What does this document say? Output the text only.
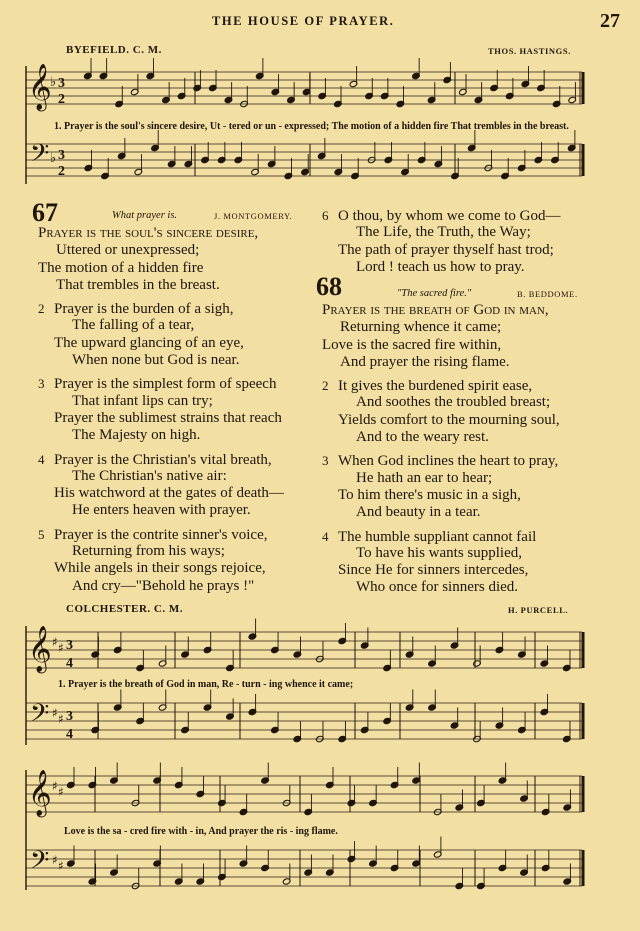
THE HOUSE OF PRAYER.	27
BYEFIELD. C. M.	THOS. HASTINGS.
𝄞
𝄢
♭
♭
3
2
3
2
1. Prayer is the soul's sincere desire, Ut - tered or un - expressed; The motion of a hidden fire That trembles in the breast.
67	What prayer is.	J. MONTGOMERY.
Prayer is the soul's sincere desire,
Uttered or unexpressed;
The motion of a hidden fire
That trembles in the breast.
2 Prayer is the burden of a sigh,
The falling of a tear,
The upward glancing of an eye,
When none but God is near.
3 Prayer is the simplest form of speech
That infant lips can try;
Prayer the sublimest strains that reach
The Majesty on high.
4 Prayer is the Christian's vital breath,
The Christian's native air:
His watchword at the gates of death—
He enters heaven with prayer.
5 Prayer is the contrite sinner's voice,
Returning from his ways;
While angels in their songs rejoice,
And cry—"Behold he prays !"
6 O thou, by whom we come to God—
The Life, the Truth, the Way;
The path of prayer thyself hast trod;
Lord ! teach us how to pray.
68	"The sacred fire."	B. BEDDOME.
Prayer is the breath of God in man,
Returning whence it came;
Love is the sacred fire within,
And prayer the rising flame.
2 It gives the burdened spirit ease,
And soothes the troubled breast;
Yields comfort to the mourning soul,
And to the weary rest.
3 When God inclines the heart to pray,
He hath an ear to hear;
To him there's music in a sigh,
And beauty in a tear.
4 The humble suppliant cannot fail
To have his wants supplied,
Since He for sinners intercedes,
Who once for sinners died.
COLCHESTER. C. M.	H. PURCELL.
𝄞
𝄞
𝄢
𝄢
♯ ♯
♯ ♯
♯ ♯
♯ ♯
3
4
3
4
1. Prayer is the breath of God in man, Re - turn - ing whence it came;
Love is the sa - cred fire with - in, And prayer the ris - ing flame.
